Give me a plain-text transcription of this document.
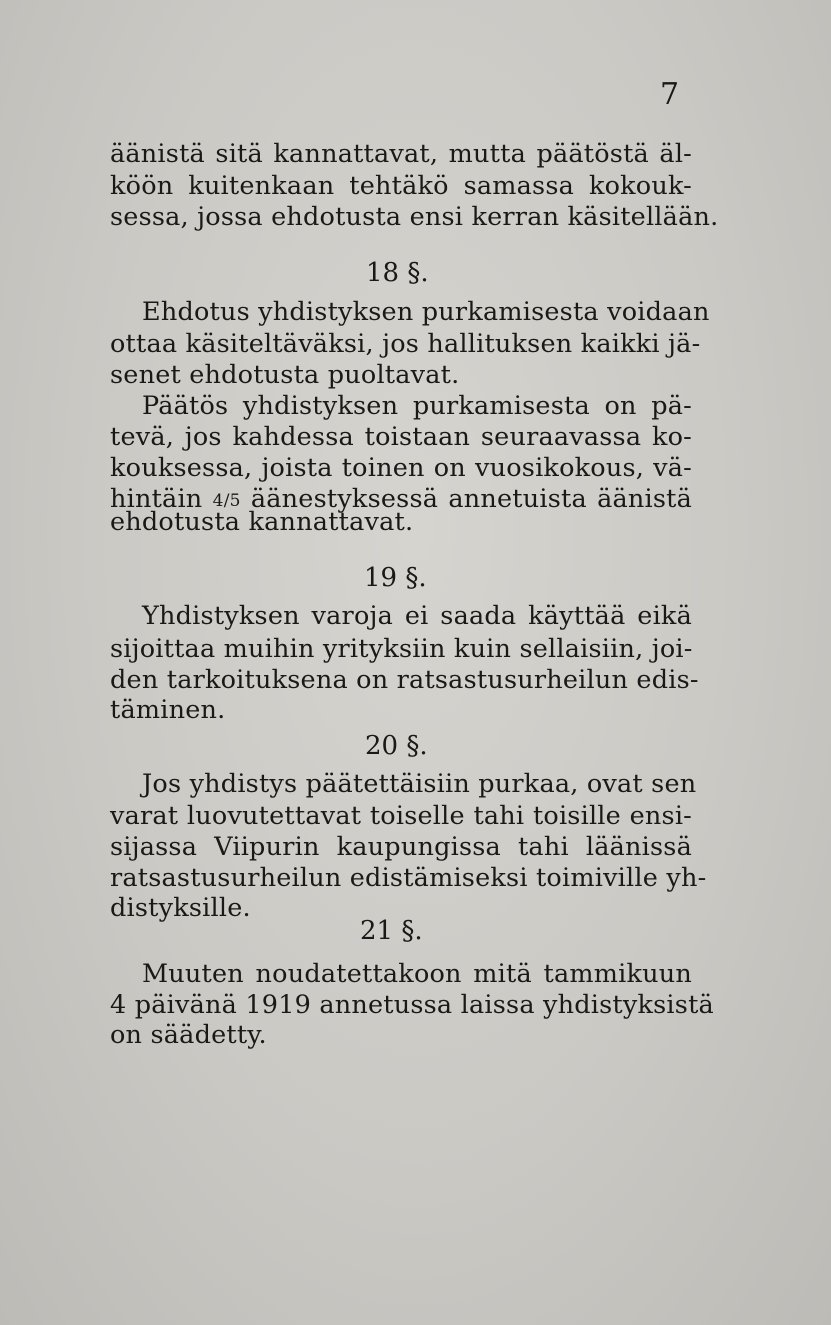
7
äänistä sitä kannattavat, mutta päätöstä äl-
köön kuitenkaan tehtäkö samassa kokouk-
sessa, jossa ehdotusta ensi kerran käsitellään.
18 §.
Ehdotus yhdistyksen purkamisesta voidaan
ottaa käsiteltäväksi, jos hallituksen kaikki jä-
senet ehdotusta puoltavat.
Päätös yhdistyksen purkamisesta on pä-
tevä, jos kahdessa toistaan seuraavassa ko-
kouksessa, joista toinen on vuosikokous, vä-
hintäin 4/5 äänestyksessä annetuista äänistä
ehdotusta kannattavat.
19 §.
Yhdistyksen varoja ei saada käyttää eikä
sijoittaa muihin yrityksiin kuin sellaisiin, joi-
den tarkoituksena on ratsastusurheilun edis-
täminen.
20 §.
Jos yhdistys päätettäisiin purkaa, ovat sen
varat luovutettavat toiselle tahi toisille ensi-
sijassa Viipurin kaupungissa tahi läänissä
ratsastusurheilun edistämiseksi toimiville yh-
distyksille.
21 §.
Muuten noudatettakoon mitä tammikuun
4 päivänä 1919 annetussa laissa yhdistyksistä
on säädetty.
